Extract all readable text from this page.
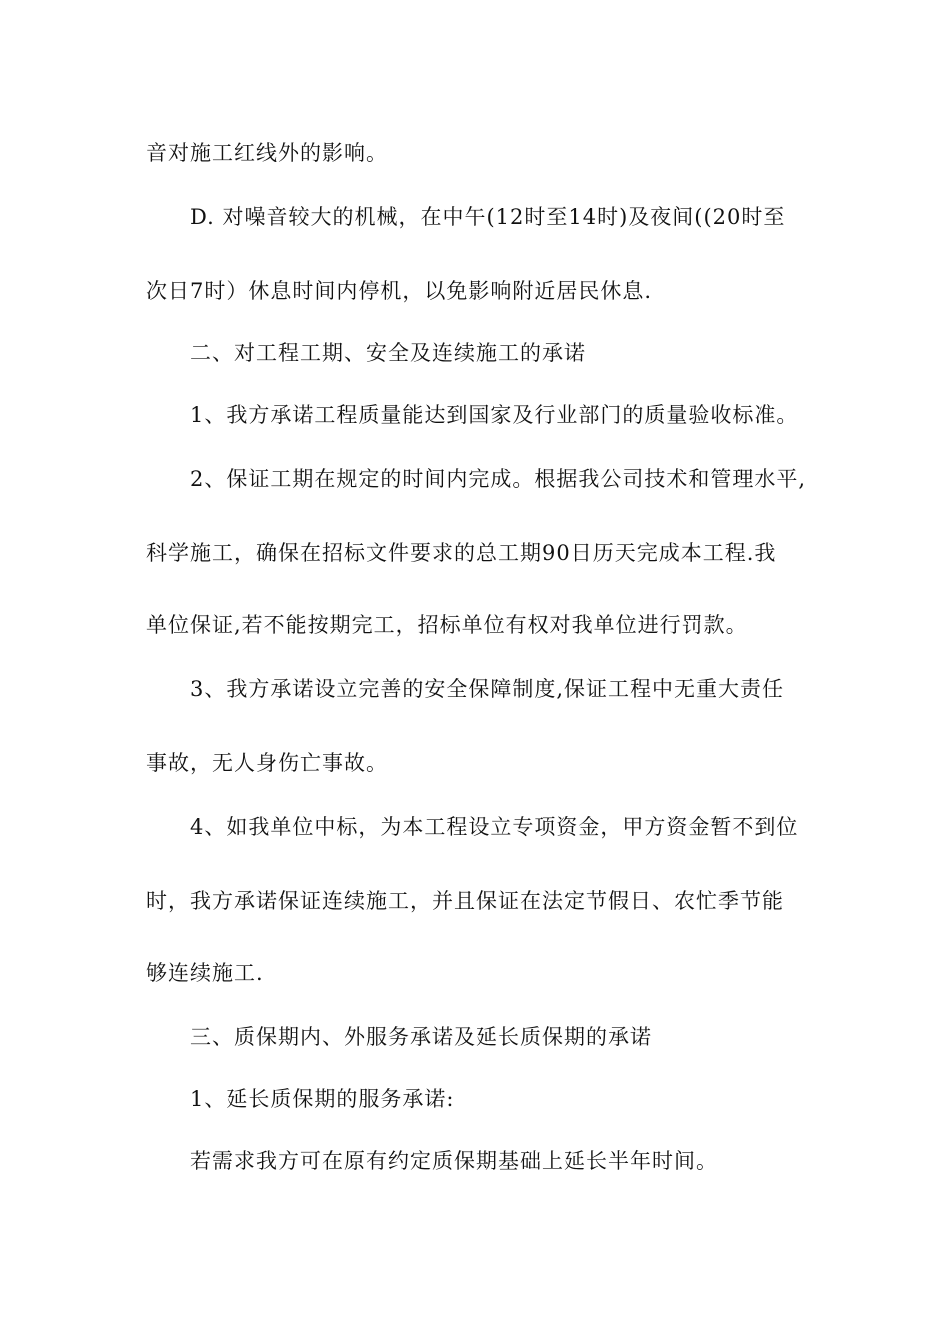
音对施工红线外的影响。
D. 对噪音较大的机械，在中午(12时至14时)及夜间((20时至
次日7时）休息时间内停机，以免影响附近居民休息.
二、对工程工期、安全及连续施工的承诺
1、我方承诺工程质量能达到国家及行业部门的质量验收标准。
2、保证工期在规定的时间内完成。根据我公司技术和管理水平,
科学施工，确保在招标文件要求的总工期90日历天完成本工程.我
单位保证,若不能按期完工，招标单位有权对我单位进行罚款。
3、我方承诺设立完善的安全保障制度,保证工程中无重大责任
事故，无人身伤亡事故。
4、如我单位中标，为本工程设立专项资金，甲方资金暂不到位
时，我方承诺保证连续施工，并且保证在法定节假日、农忙季节能
够连续施工.
三、质保期内、外服务承诺及延长质保期的承诺
1、延长质保期的服务承诺:
若需求我方可在原有约定质保期基础上延长半年时间。
